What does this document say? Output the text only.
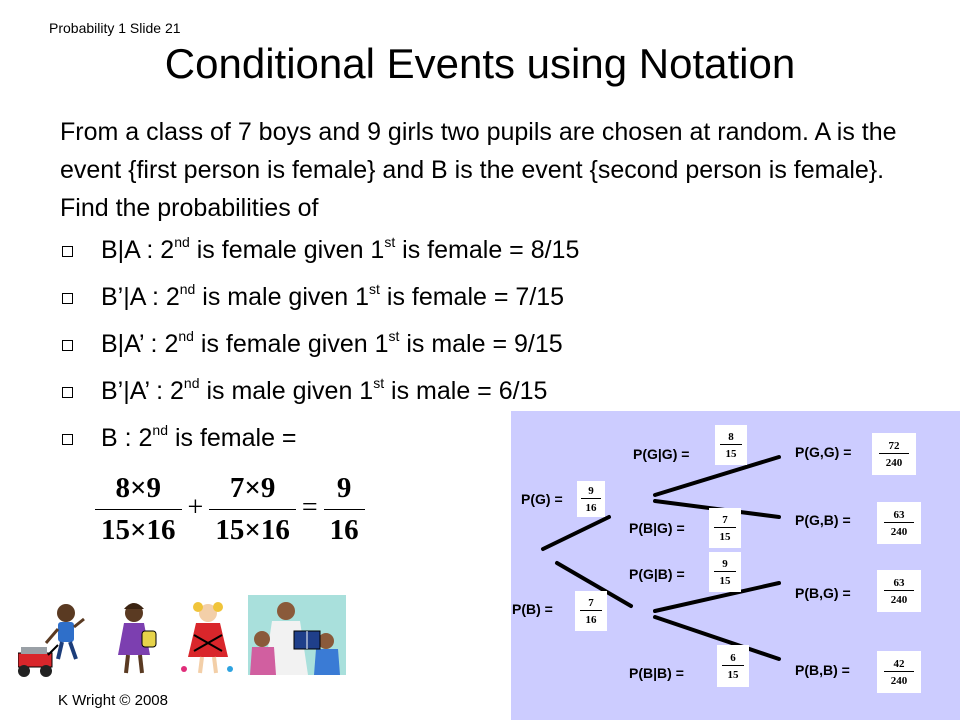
Probability 1 Slide 21
Conditional Events using Notation
From a class of 7 boys and 9 girls two pupils are chosen at random. A is the event {first person is female} and B is the event {second person is female}. Find the probabilities of
B|A : 2nd is female given 1st is female = 8/15
B’|A : 2nd is male given 1st is female = 7/15
B|A’ : 2nd is female given 1st is male = 9/15
B’|A’ : 2nd is male given 1st is male = 6/15
B : 2nd is female =
$\frac{8\times 9}{15\times 16} + \frac{7\times 9}{15\times 16} = \frac{9}{16}$	P(G) =
9
16
P(B) =	7
16
P(G|G) =
8
15
P(B|G) =
7
15
P(G|B) =
9
15
P(B|B) =
6
15
P(G,G) =	72
240
P(G,B) =	63
240
P(B,G) =
63
240
P(B,B) =	42
240
K Wright © 2008
